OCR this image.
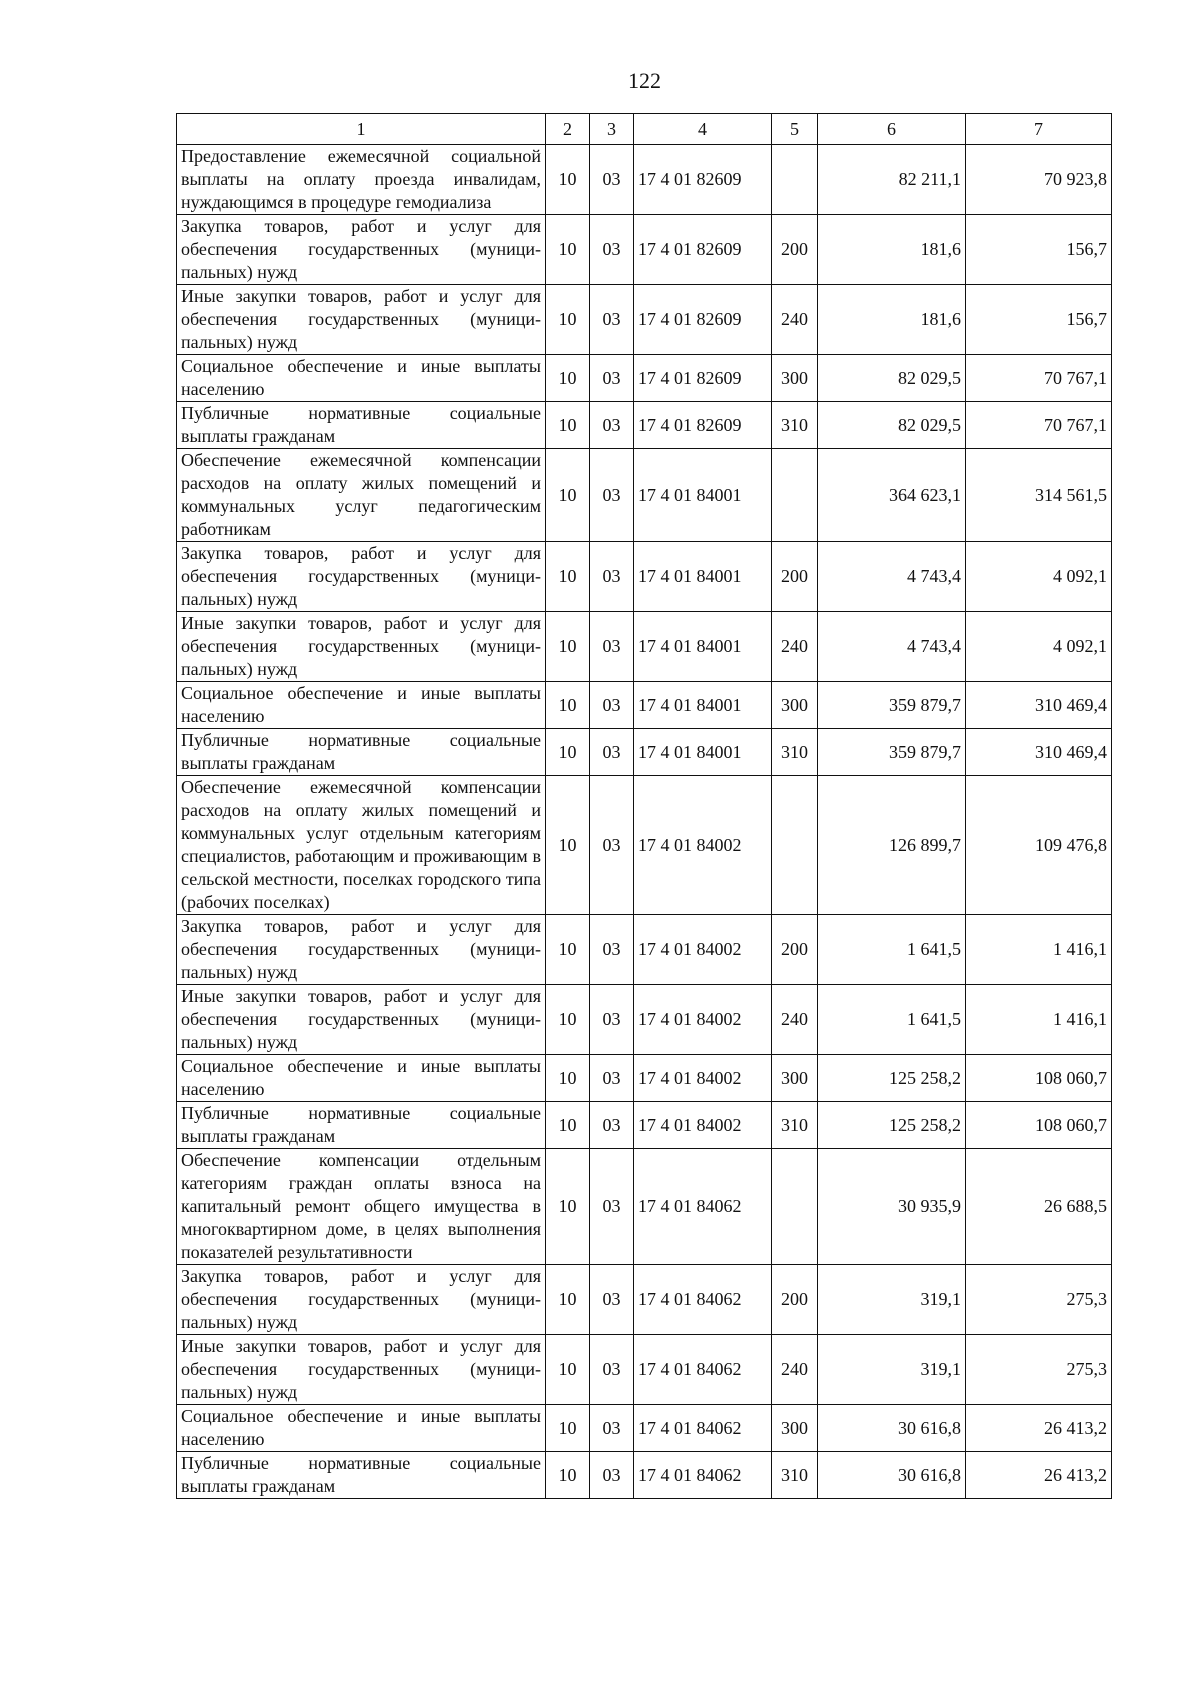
122
1	2	3	4	5	6	7
Предоставление ежемесячной социальной выплаты на оплату проезда инвалидам, нуждающимся в процедуре гемодиализа	10	03	17 4 01 82609		82 211,1	70 923,8
Закупка товаров, работ и услуг для обеспечения государственных (муниципальных) нужд	10	03	17 4 01 82609	200	181,6	156,7
Иные закупки товаров, работ и услуг для обеспечения государственных (муниципальных) нужд	10	03	17 4 01 82609	240	181,6	156,7
Социальное обеспечение и иные выплаты населению	10	03	17 4 01 82609	300	82 029,5	70 767,1
Публичные нормативные социальные выплаты гражданам	10	03	17 4 01 82609	310	82 029,5	70 767,1
Обеспечение ежемесячной компенсации расходов на оплату жилых помещений и коммунальных услуг педагогическим работникам	10	03	17 4 01 84001		364 623,1	314 561,5
Закупка товаров, работ и услуг для обеспечения государственных (муниципальных) нужд	10	03	17 4 01 84001	200	4 743,4	4 092,1
Иные закупки товаров, работ и услуг для обеспечения государственных (муниципальных) нужд	10	03	17 4 01 84001	240	4 743,4	4 092,1
Социальное обеспечение и иные выплаты населению	10	03	17 4 01 84001	300	359 879,7	310 469,4
Публичные нормативные социальные выплаты гражданам	10	03	17 4 01 84001	310	359 879,7	310 469,4
Обеспечение ежемесячной компенсации расходов на оплату жилых помещений и коммунальных услуг отдельным категориям специалистов, работающим и проживающим в сельской местности, поселках городского типа (рабочих поселках)	10	03	17 4 01 84002		126 899,7	109 476,8
Закупка товаров, работ и услуг для обеспечения государственных (муниципальных) нужд	10	03	17 4 01 84002	200	1 641,5	1 416,1
Иные закупки товаров, работ и услуг для обеспечения государственных (муниципальных) нужд	10	03	17 4 01 84002	240	1 641,5	1 416,1
Социальное обеспечение и иные выплаты населению	10	03	17 4 01 84002	300	125 258,2	108 060,7
Публичные нормативные социальные выплаты гражданам	10	03	17 4 01 84002	310	125 258,2	108 060,7
Обеспечение компенсации отдельным категориям граждан оплаты взноса на капитальный ремонт общего имущества в многоквартирном доме, в целях выполнения показателей результативности	10	03	17 4 01 84062		30 935,9	26 688,5
Закупка товаров, работ и услуг для обеспечения государственных (муниципальных) нужд	10	03	17 4 01 84062	200	319,1	275,3
Иные закупки товаров, работ и услуг для обеспечения государственных (муниципальных) нужд	10	03	17 4 01 84062	240	319,1	275,3
Социальное обеспечение и иные выплаты населению	10	03	17 4 01 84062	300	30 616,8	26 413,2
Публичные нормативные социальные выплаты гражданам	10	03	17 4 01 84062	310	30 616,8	26 413,2
